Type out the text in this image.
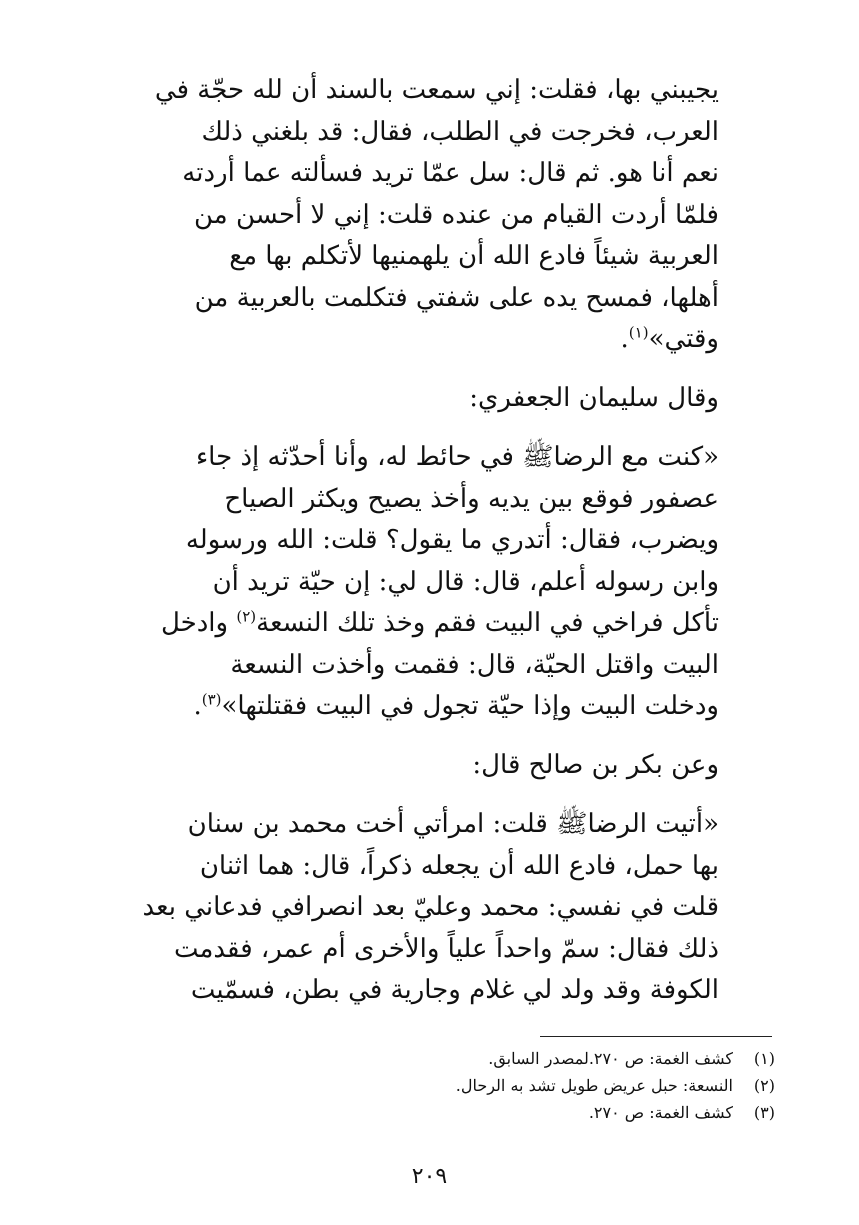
يجيبني بها، فقلت: إني سمعت بالسند أن لله حجّة في
العرب، فخرجت في الطلب، فقال: قد بلغني ذلك
نعم أنا هو. ثم قال: سل عمّا تريد فسألته عما أردته
فلمّا أردت القيام من عنده قلت: إني لا أحسن من
العربية شيئاً فادع الله أن يلهمنيها لأتكلم بها مع
أهلها، فمسح يده على شفتي فتكلمت بالعربية من
وقتي»$^{(١)}$.
وقال سليمان الجعفري:
«كنت مع الرضاﷺ في حائط له، وأنا أحدّثه إذ جاء
عصفور فوقع بين يديه وأخذ يصيح ويكثر الصياح
ويضرب، فقال: أتدري ما يقول؟ قلت: الله ورسوله
وابن رسوله أعلم، قال: قال لي: إن حيّة تريد أن
تأكل فراخي في البيت فقم وخذ تلك النسعة$^{(٢)}$ وادخل
البيت واقتل الحيّة، قال: فقمت وأخذت النسعة
ودخلت البيت وإذا حيّة تجول في البيت فقتلتها»$^{(٣)}$.
وعن بكر بن صالح قال:
«أتيت الرضاﷺ قلت: امرأتي أخت محمد بن سنان
بها حمل، فادع الله أن يجعله ذكراً، قال: هما اثنان
قلت في نفسي: محمد وعليّ بعد انصرافي فدعاني بعد
ذلك فقال: سمّ واحداً علياً والأخرى أم عمر، فقدمت
الكوفة وقد ولد لي غلام وجارية في بطن، فسمّيت
(١)كشف الغمة: ص ٢٧٠.لمصدر السابق.
(٢)النسعة: حبل عريض طويل تشد به الرحال.
(٣)كشف الغمة: ص ٢٧٠.
٢٠٩
